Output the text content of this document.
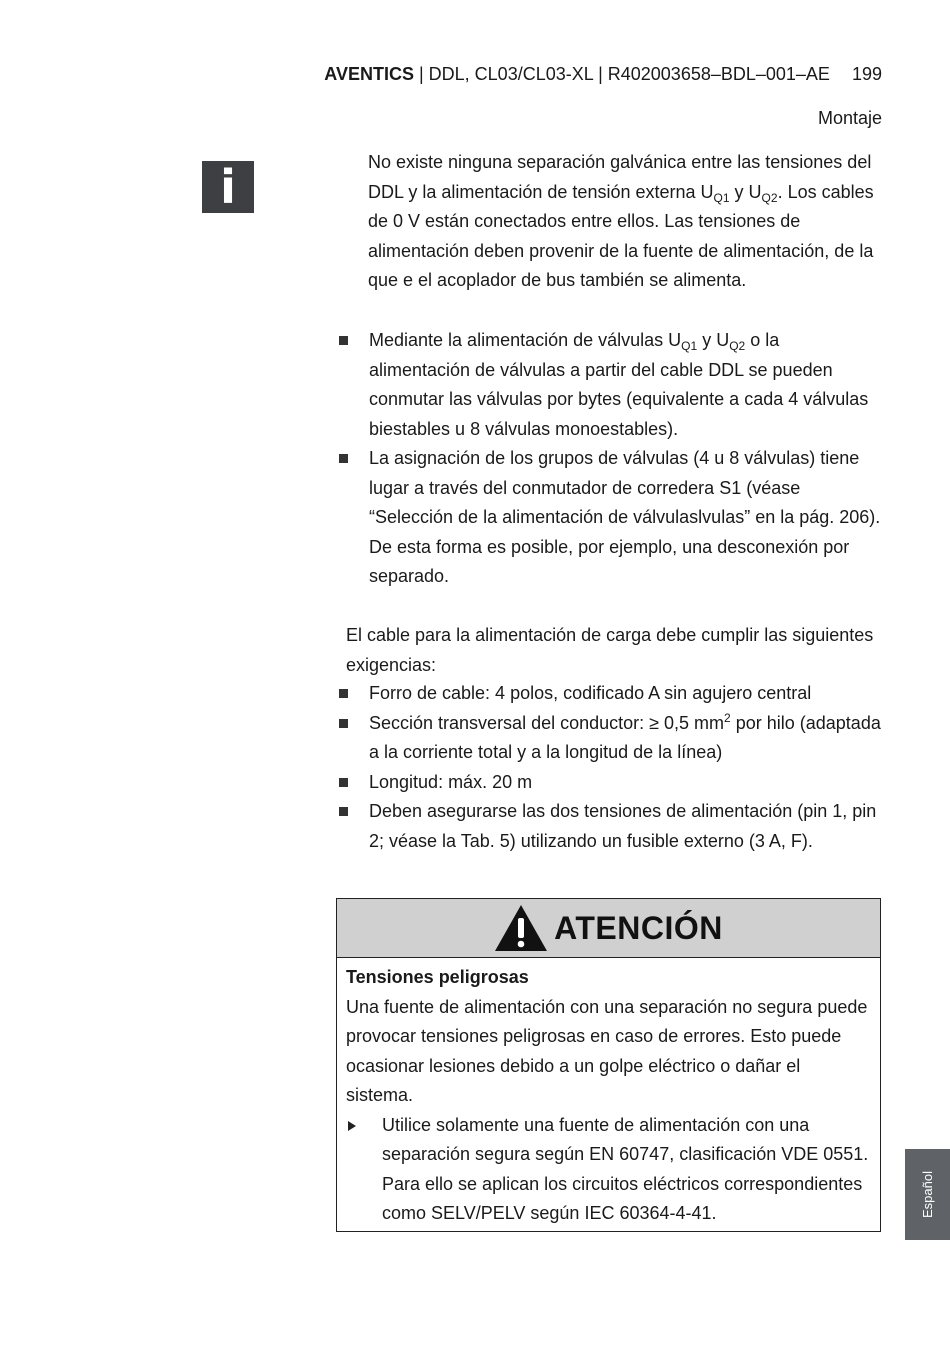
AVENTICS | DDL, CL03/CL03-XL | R402003658–BDL–001–AE 199
Montaje
i	No existe ninguna separación galvánica entre las tensiones del DDL y la alimentación de tensión externa $U_{Q1}$ y $U_{Q2}$. Los cables de 0 V están conectados entre ellos. Las tensiones de alimentación deben provenir de la fuente de alimentación, de la que e el acoplador de bus también se alimenta.
Mediante la alimentación de válvulas $U_{Q1}$ y $U_{Q2}$ o la alimentación de válvulas a partir del cable DDL se pueden conmutar las válvulas por bytes (equivalente a cada 4 válvulas biestables u 8 válvulas monoestables).
La asignación de los grupos de válvulas (4 u 8 válvulas) tiene lugar a través del conmutador de corredera S1 (véase “Selección de la alimentación de válvulaslvulas” en la pág. 206). De esta forma es posible, por ejemplo, una desconexión por separado.
El cable para la alimentación de carga debe cumplir las siguientes exigencias:
Forro de cable: 4 polos, codificado A sin agujero central
Sección transversal del conductor: ≥ 0,5 $mm^2$ por hilo (adaptada a la corriente total y a la longitud de la línea)
Longitud: máx. 20 m
Deben asegurarse las dos tensiones de alimentación (pin 1, pin 2; véase la Tab. 5) utilizando un fusible externo (3 A, F).
ATENCIÓN
Tensiones peligrosas
Una fuente de alimentación con una separación no segura puede provocar tensiones peligrosas en caso de errores. Esto puede ocasionar lesiones debido a un golpe eléctrico o dañar el sistema.
Utilice solamente una fuente de alimentación con una separación segura según EN 60747, clasificación VDE 0551. Para ello se aplican los circuitos eléctricos correspondientes como SELV/PELV según IEC 60364-4-41.	Español
